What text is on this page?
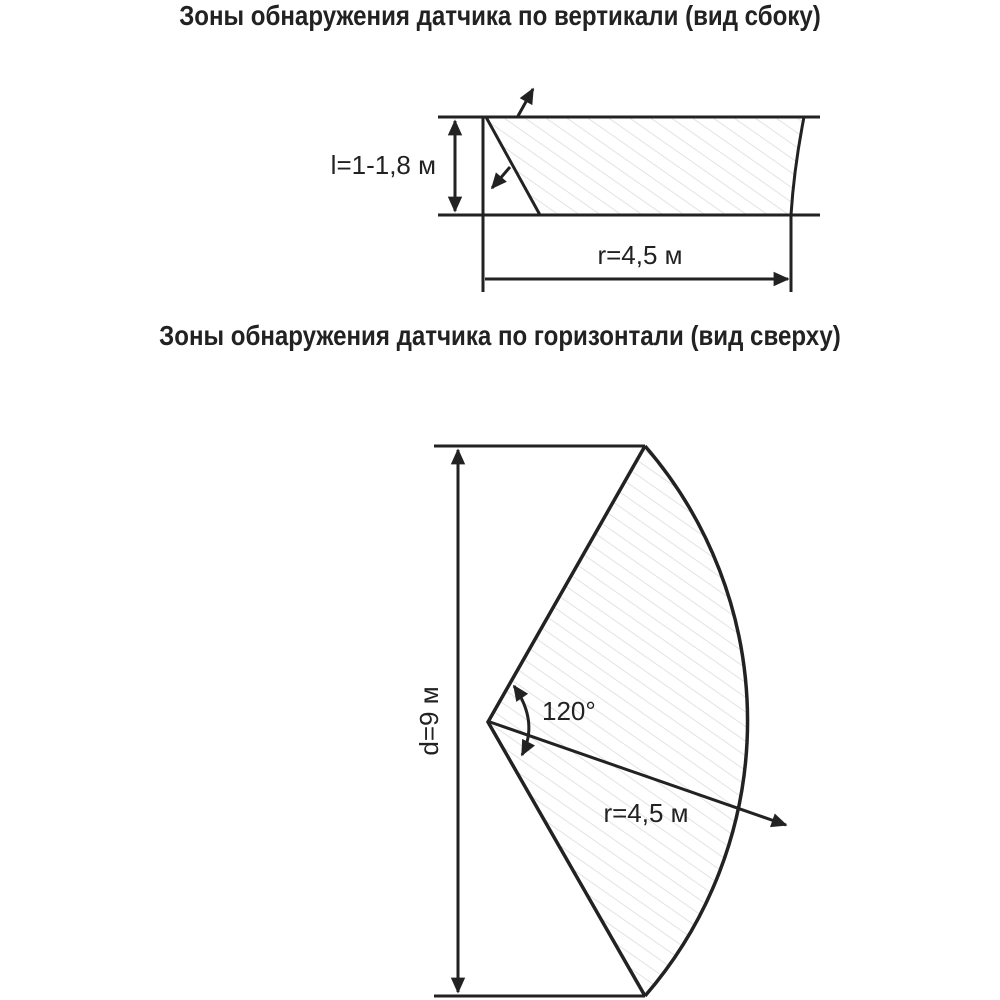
Зоны обнаружения датчика по вертикали (вид сбоку)
Зоны обнаружения датчика по горизонтали (вид сверху)
l=1-1,8 м
r=4,5 м
120°
r=4,5 м
d=9 м
